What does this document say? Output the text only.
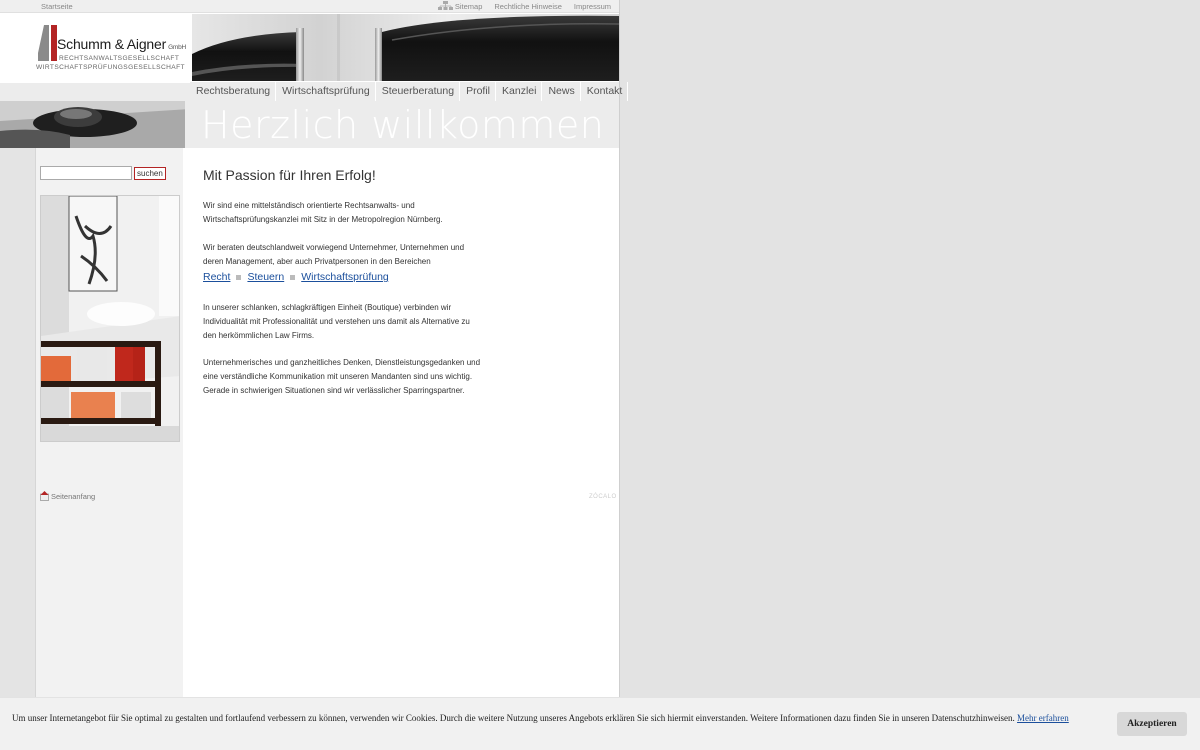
Startseite	Sitemap Rechtliche Hinweise Impressum
Schumm & Aigner GmbH
RECHTSANWALTSGESELLSCHAFT
WIRTSCHAFTSPRÜFUNGSGESELLSCHAFT
Rechtsberatung	Wirtschaftsprüfung	Steuerberatung	Profil	Kanzlei	News	Kontakt
Herzlich willkommen
suchen
Seitenanfang
Mit Passion für Ihren Erfolg!
Wir sind eine mittelständisch orientierte Rechtsanwalts- und
Wirtschaftsprüfungskanzlei mit Sitz in der Metropolregion Nürnberg.
Wir beraten deutschlandweit vorwiegend Unternehmer, Unternehmen und
deren Management, aber auch Privatpersonen in den Bereichen
Recht Steuern Wirtschaftsprüfung
In unserer schlanken, schlagkräftigen Einheit (Boutique) verbinden wir
Individualität mit Professionalität und verstehen uns damit als Alternative zu
den herkömmlichen Law Firms.
Unternehmerisches und ganzheitliches Denken, Dienstleistungsgedanken und
eine verständliche Kommunikation mit unseren Mandanten sind uns wichtig.
Gerade in schwierigen Situationen sind wir verlässlicher Sparringspartner.
ZÓCALO
Um unser Internetangebot für Sie optimal zu gestalten und fortlaufend verbessern zu können, verwenden wir Cookies. Durch die weitere Nutzung unseres Angebots erklären Sie sich hiermit einverstanden. Weitere Informationen dazu finden Sie in unseren Datenschutzhinweisen. Mehr erfahren
Akzeptieren
